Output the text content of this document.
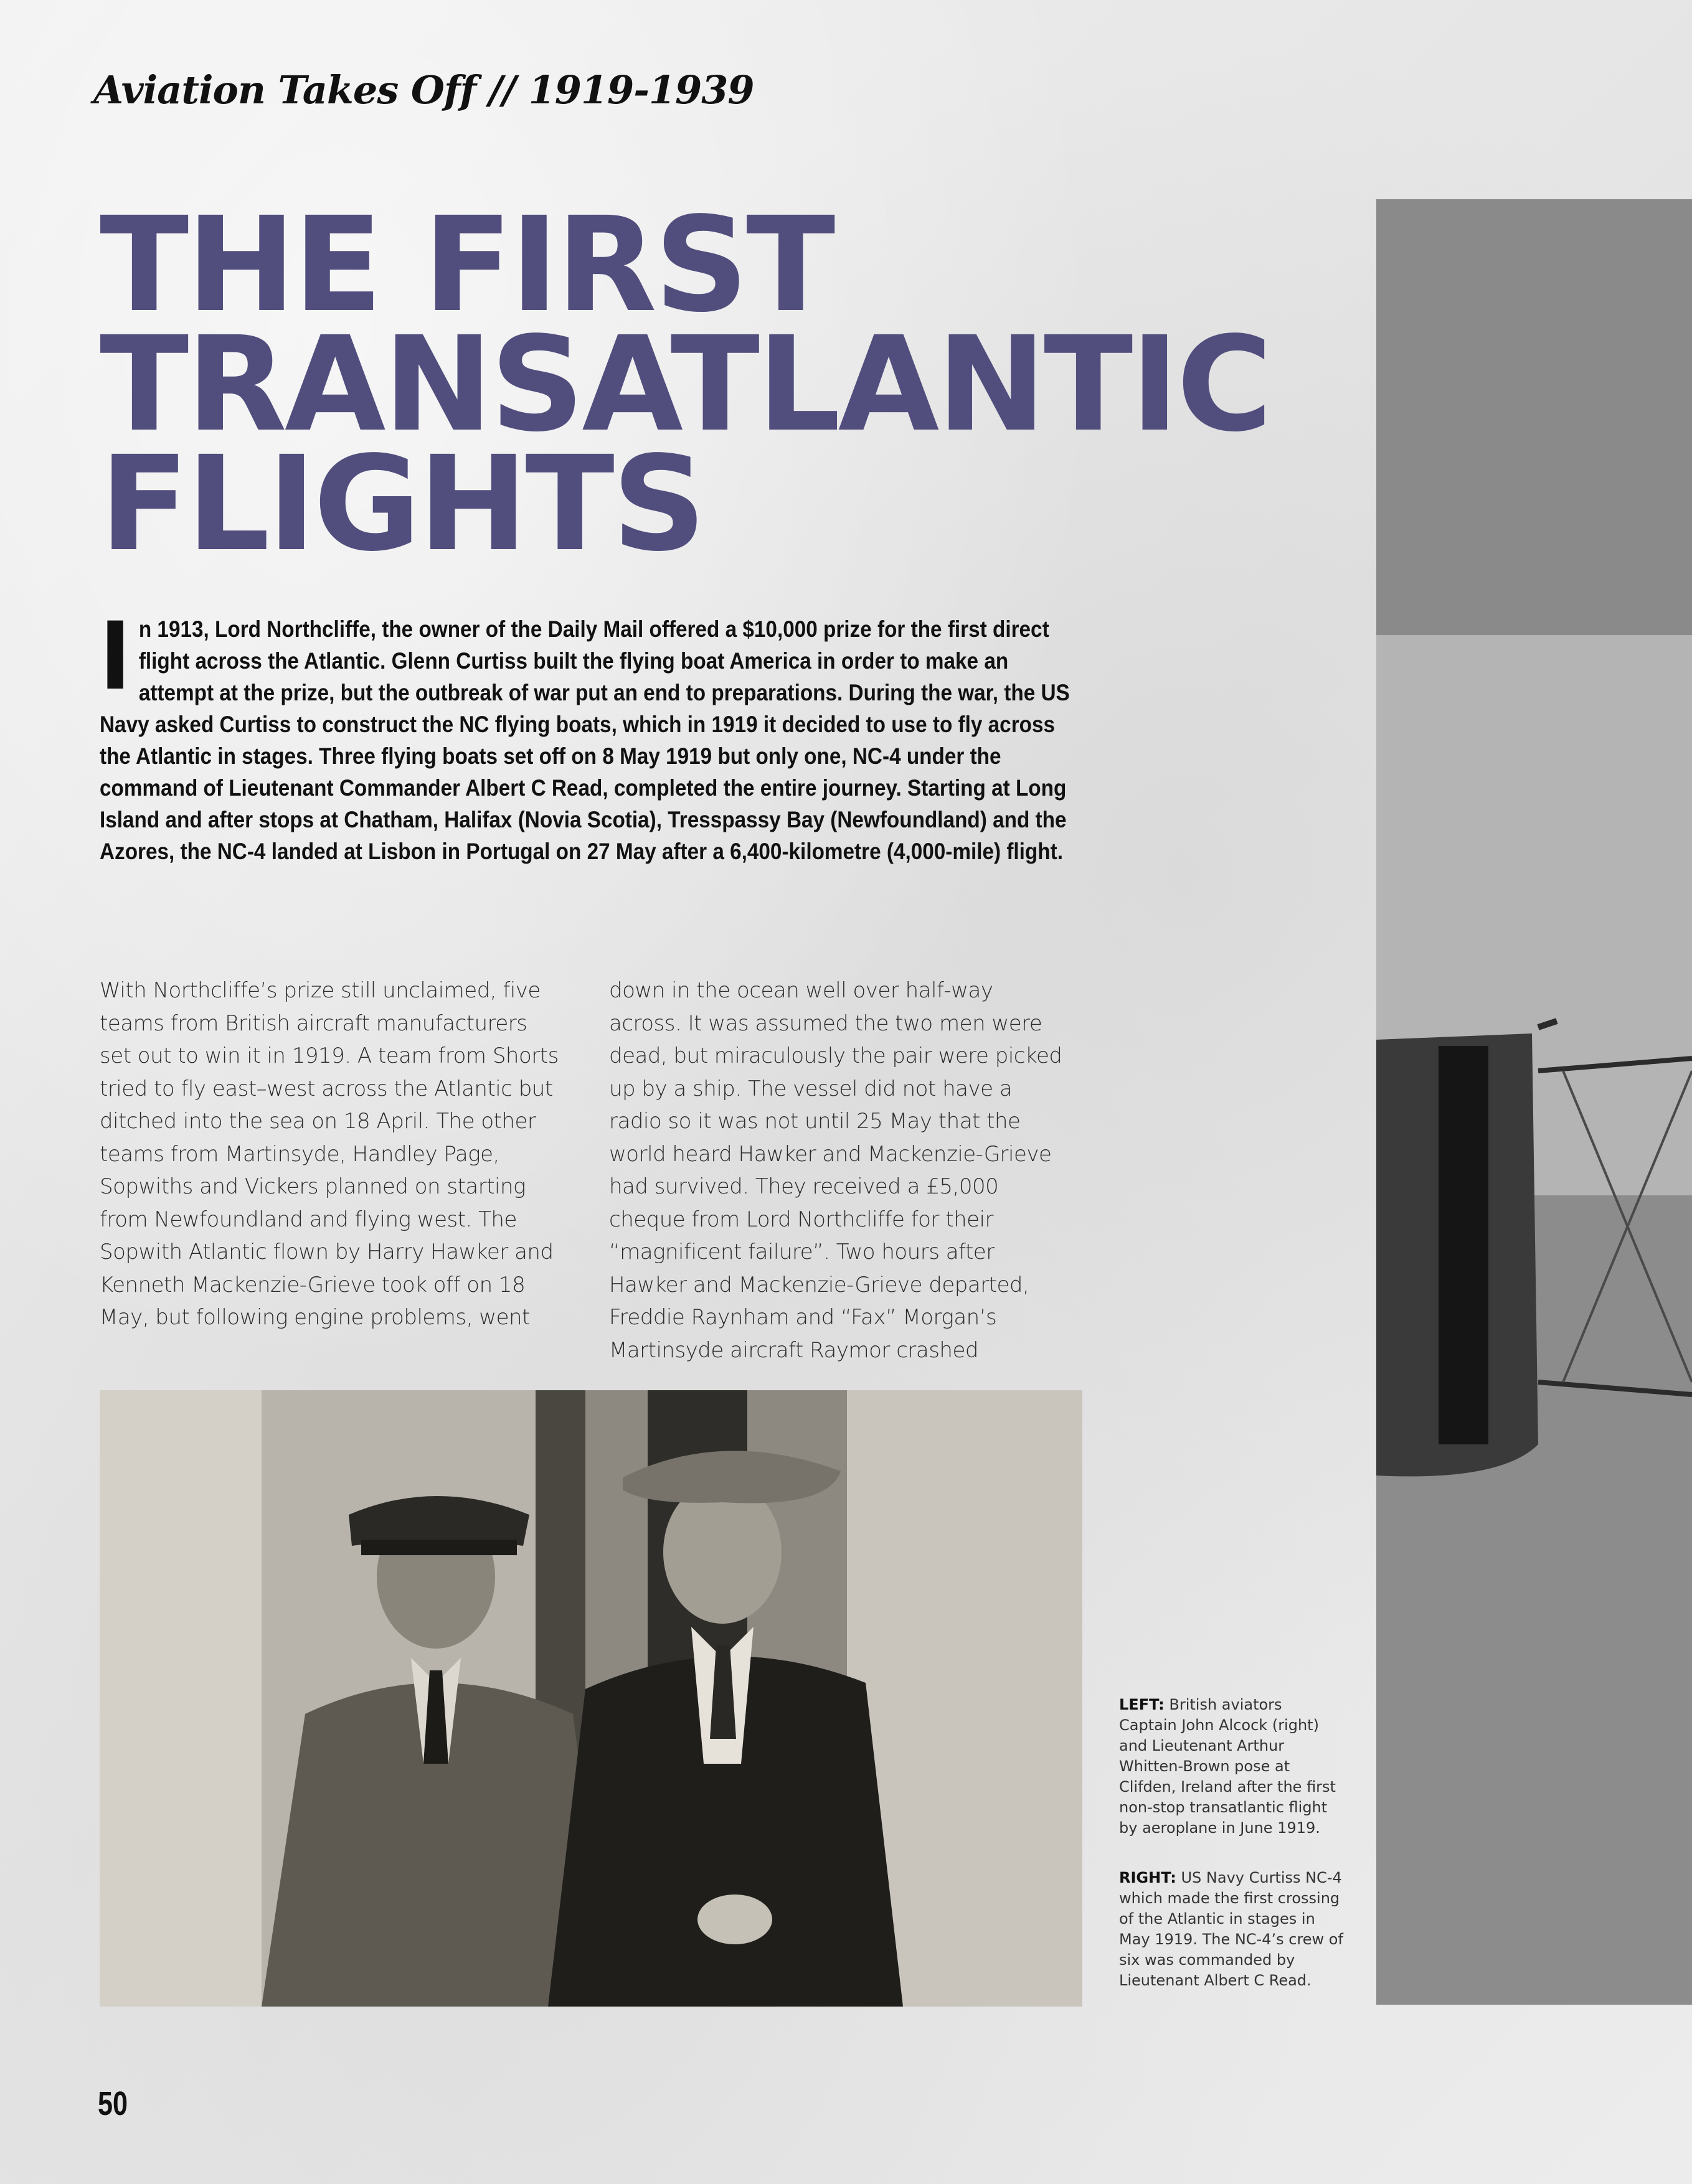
Aviation Takes Off // 1919-1939
THE FIRST
TRANSATLANTIC
FLIGHTS

In 1913, Lord Northcliffe, the owner of the Daily Mail offered a $10,000 prize for the first direct flight across the Atlantic. Glenn Curtiss built the flying boat America in order to make an attempt at the prize, but the outbreak of war put an end to preparations. During the war, the US Navy asked Curtiss to construct the NC flying boats, which in 1919 it decided to use to fly across the Atlantic in stages. Three flying boats set off on 8 May 1919 but only one, NC-4 under the command of Lieutenant Commander Albert C Read, completed the entire journey. Starting at Long Island and after stops at Chatham, Halifax (Novia Scotia), Tresspassy Bay (Newfoundland) and the Azores, the NC-4 landed at Lisbon in Portugal on 27 May after a 6,400-kilometre (4,000-mile) flight.

With Northcliffe’s prize still unclaimed, five teams from British aircraft manufacturers set out to win it in 1919. A team from Shorts tried to fly east–west across the Atlantic but ditched into the sea on 18 April. The other teams from Martinsyde, Handley Page, Sopwiths and Vickers planned on starting from Newfoundland and flying west. The Sopwith Atlantic flown by Harry Hawker and Kenneth Mackenzie-Grieve took off on 18 May, but following engine problems, went

down in the ocean well over half-way across. It was assumed the two men were dead, but miraculously the pair were picked up by a ship. The vessel did not have a radio so it was not until 25 May that the world heard Hawker and Mackenzie-Grieve had survived. They received a £5,000 cheque from Lord Northcliffe for their “magnificent failure”. Two hours after Hawker and Mackenzie-Grieve departed, Freddie Raynham and “Fax” Morgan’s Martinsyde aircraft Raymor crashed

LEFT: British aviators Captain John Alcock (right) and Lieutenant Arthur Whitten-Brown pose at Clifden, Ireland after the first non-stop transatlantic flight by aeroplane in June 1919.

RIGHT: US Navy Curtiss NC-4 which made the first crossing of the Atlantic in stages in May 1919. The NC-4’s crew of six was commanded by Lieutenant Albert C Read.

50
